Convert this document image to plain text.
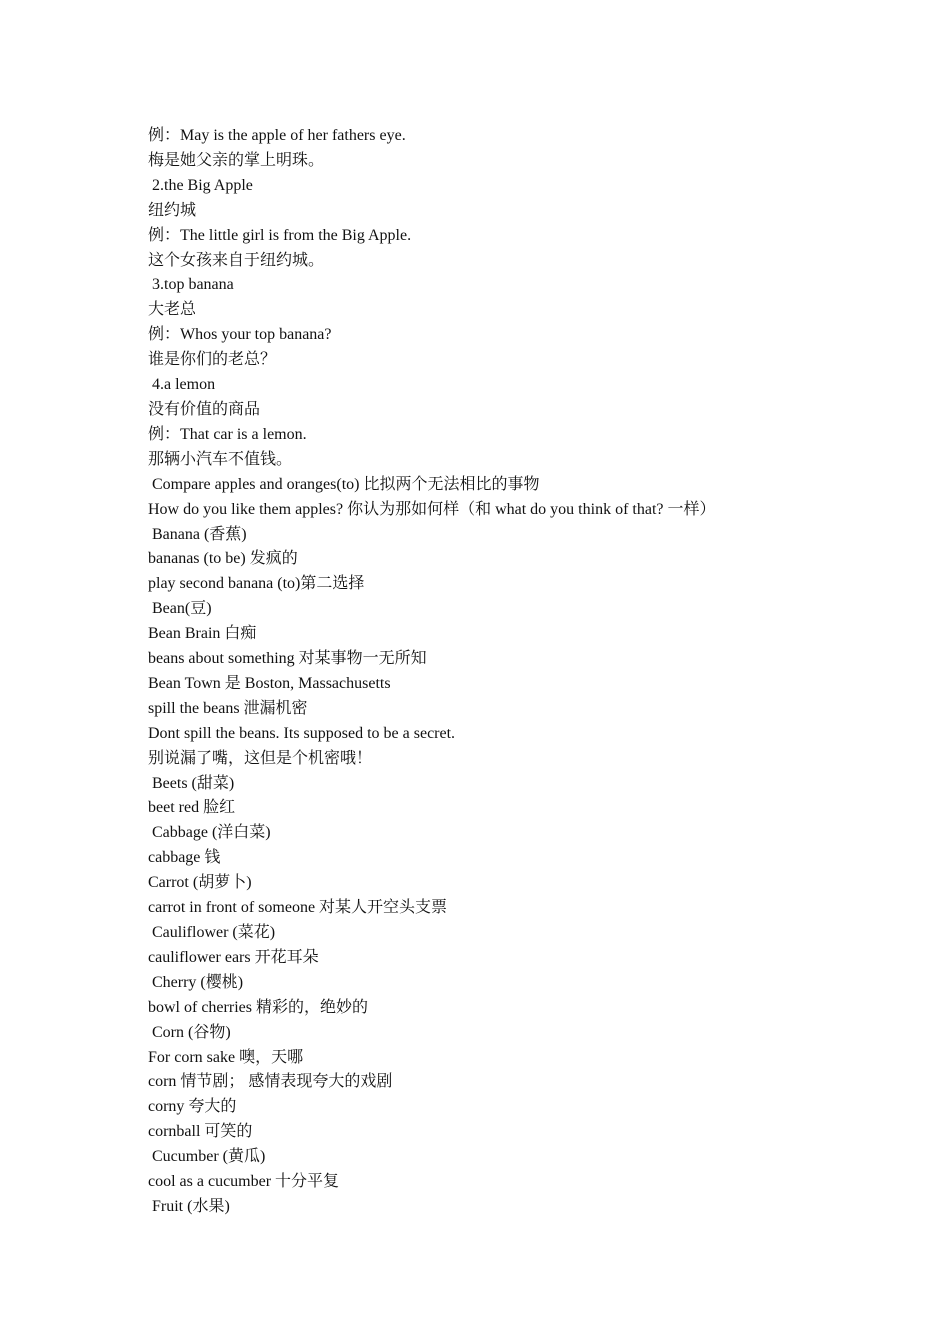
例：May is the apple of her fathers eye.
梅是她父亲的掌上明珠。
2.the Big Apple
纽约城
例：The little girl is from the Big Apple.
这个女孩来自于纽约城。
3.top banana
大老总
例：Whos your top banana?
谁是你们的老总？
4.a lemon
没有价值的商品
例：That car is a lemon.
那辆小汽车不值钱。
Compare apples and oranges(to) 比拟两个无法相比的事物
How do you like them apples? 你认为那如何样（和 what do you think of that? 一样）
Banana (香蕉)
bananas (to be) 发疯的
play second banana (to)第二选择
Bean(豆)
Bean Brain 白痴
beans about something 对某事物一无所知
Bean Town 是 Boston, Massachusetts
spill the beans 泄漏机密
Dont spill the beans. Its supposed to be a secret.
别说漏了嘴，这但是个机密哦！
Beets (甜菜)
beet red 脸红
Cabbage (洋白菜)
cabbage 钱
Carrot (胡萝卜)
carrot in front of someone 对某人开空头支票
Cauliflower (菜花)
cauliflower ears 开花耳朵
Cherry (樱桃)
bowl of cherries 精彩的，绝妙的
Corn (谷物)
For corn sake 噢，天哪
corn 情节剧； 感情表现夸大的戏剧
corny 夸大的
cornball 可笑的
Cucumber (黄瓜)
cool as a cucumber 十分平复
Fruit (水果)
